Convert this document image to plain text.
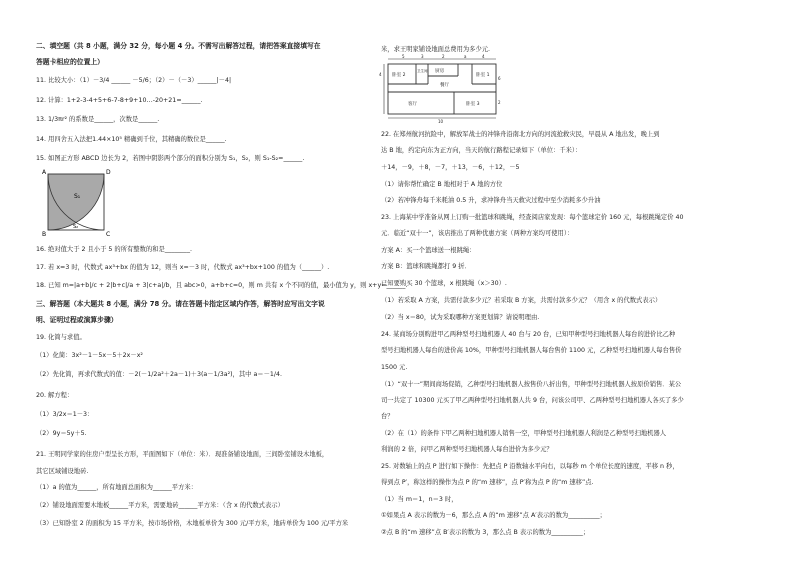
二、填空题（共 8 小题，满分 32 分，每小题 4 分。不需写出解答过程，请把答案直接填写在
答题卡相应的位置上）
11. 比较大小：（1）－3/4 ______ －5/6；（2）－（－3）______|－4|
12. 计算：1+2-3-4+5+6-7-8+9+10…-20+21=______.
13. 1/3πr² 的系数是______，次数是______.
14. 用四舍五入法把1.44×10⁵ 精确到千位，其精确的数位是______.
15. 如图正方形 ABCD 边长为 2，若图中阴影两个部分的面积分别为 S₁，S₂，则 S₁-S₂=______.
16. 绝对值大于 2 且小于 5 的所有整数的和是________.
17. 若 x=3 时，代数式 ax³+bx 的值为 12，则当 x=－3 时，代数式 ax³+bx+100 的值为（______）.
18. 已知 m=|a+b|/c + 2|b+c|/a + 3|c+a|/b，且 abc>0，a+b+c=0，则 m 共有 x 个不同的值，最小值为 y，则 x+y=______.
三、解答题（本大题共 8 小题，满分 78 分。请在答题卡指定区域内作答，解答时应写出文字说
明、证明过程或演算步骤）
19. 化简与求值。
（1）化简：3x²－1－5x－5＋2x－x²
（2）先化简，再求代数式的值：－2(－1/2a²＋2a－1)＋3(a－1/3a²)，其中 a＝－1/4.
20. 解方程：
（1）3/2x＝1－3：
（2）9y＝5y＋5.
21. 王明同学家的住房户型呈长方形，平面图如下（单位：米）．现准备铺设地面，三间卧室铺设木地板，
其它区域铺设地砖.
（1）a 的值为______，所有地面总面积为______平方米：
（2）铺设地面需要木地板______平方米，需要地砖______平方米：（含 x 的代数式表示）
（3）已知卧室 2 的面积为 15 平方米，按市场价格，木地板单价为 300 元/平方米，地砖单价为 100 元/平方米
米，求王明家铺设地面总费用为多少元.
22. 在郑州航河抗险中，解放军战士的冲锋舟沿南北方向的河流抢救灾民，早晨从 A 地出发，晚上到
达 B 地，约定向东为正方向，当天的航行路程记录如下（单位：千米）：
＋14，－9，＋8，－7，＋13，－6，＋12，－5
（1）请你帮忙确定 B 地相对于 A 地的方位
（2）若冲锋舟每千米耗油 0.5 升，求冲锋舟当天救灾过程中至少消耗多少升油
23. 上海某中学准备从网上订购一批篮球和跳绳，经查阅店家发现：每个篮球定价 160 元，每根跳绳定价 40
元．临近“双十一”，该店推出了两种优惠方案（两种方案均可使用）：
方案 A：买一个篮球送一根跳绳：
方案 B：篮球和跳绳都打 9 折．
已知要购买 30 个篮球，x 根跳绳（x＞30）.
（1）若采取 A 方案，共需付款多少元？若采取 B 方案，共需付款多少元？（用含 x 的代数式表示）
（2）当 x＝80，试为采取哪种方案更划算？请说明理由.
24. 某商场分别购进甲乙两种型号扫地机器人 40 台与 20 台，已知甲种型号扫地机器人每台的进价比乙种
型号扫地机器人每台的进价高 10%，甲种型号扫地机器人每台售价 1100 元，乙种型号扫地机器人每台售价
1500 元.
（1）“双十一”期间商场促销，乙种型号扫地机器人按售价八折出售，甲种型号扫地机器人按原价销售．某公
司一共定了 10300 元买了甲乙两种型号扫地机器人共 9 台，问该公司甲、乙两种型号扫地机器人各买了多少
台？
（2）在（1）的条件下甲乙两种扫地机器人销售一空，甲种型号扫地机器人利润是乙种型号扫地机器人
利润的 2 倍，问甲乙两种型号扫地机器人每台进价为多少元？
25. 对数轴上的点 P 进行如下操作：先把点 P 沿数轴水平向右，以每秒 m 个单位长度的速度，平移 n 秒，
得到点 P′，称这样的操作为点 P 的“m 速移”，点 P′称为点 P 的“m 速移”点.
（1）当 m＝1，n＝3 时，
①如果点 A 表示的数为－6，那么点 A 的“m 速移”点 A′表示的数为__________；
②点 B 的“m 速移”点 B′表示的数为 3，那么点 B 表示的数为__________；
A	D
B	C
S₁
S₂
卧室 2
卫生间 厨房
卧室 1
餐厅
客厅	卧室 3
5	3	2	a	4
4
10
6
2
